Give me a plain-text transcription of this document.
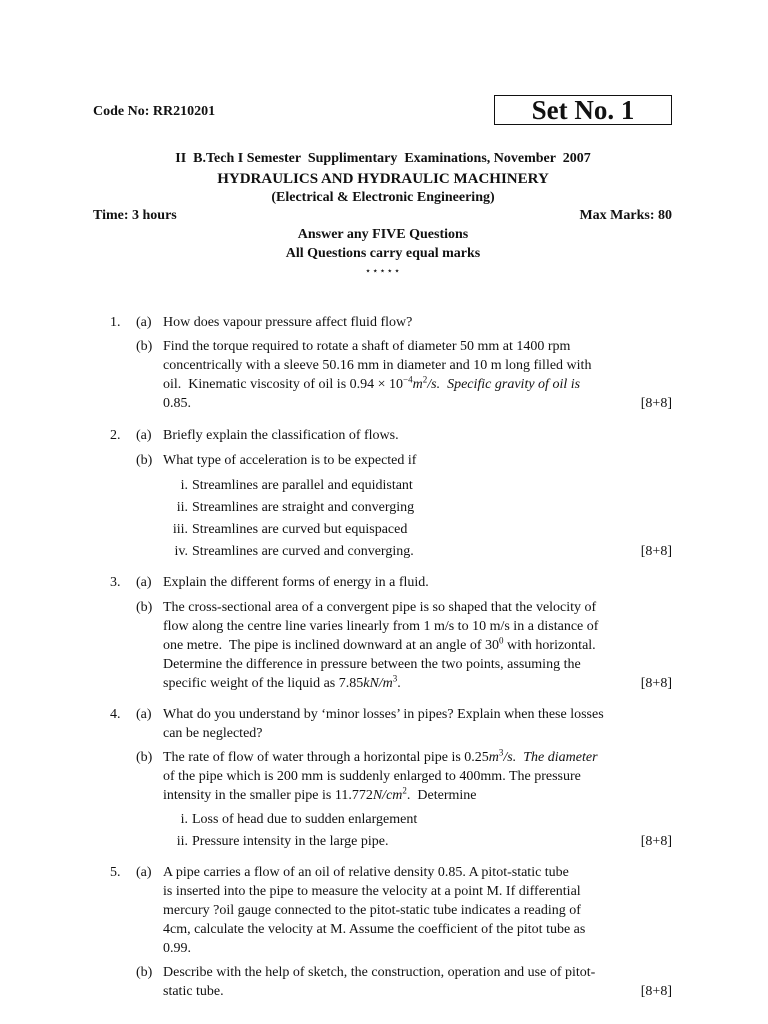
Code No: RR210201	Set No. 1
II  B.Tech I Semester  Supplimentary  Examinations, November  2007
HYDRAULICS AND HYDRAULIC MACHINERY
(Electrical & Electronic Engineering)
Time: 3 hours	Max Marks: 80
Answer any FIVE Questions
All Questions carry equal marks
⋆⋆⋆⋆⋆
1.	(a) How does vapour pressure affect fluid flow?
(b) Find the torque required to rotate a shaft of diameter 50 mm at 1400 rpm
concentrically with a sleeve 50.16 mm in diameter and 10 m long filled with
oil.  Kinematic viscosity of oil is $0.94 \times 10^{-4}m^2/s$.  Specific gravity of oil is
0.85.	[8+8]
2.	(a) Briefly explain the classification of flows.
(b) What type of acceleration is to be expected if
i. Streamlines are parallel and equidistant
ii. Streamlines are straight and converging
iii. Streamlines are curved but equispaced
iv. Streamlines are curved and converging.	[8+8]
3.	(a) Explain the different forms of energy in a fluid.
(b) The cross-sectional area of a convergent pipe is so shaped that the velocity of
flow along the centre line varies linearly from 1 m/s to 10 m/s in a distance of
one metre.  The pipe is inclined downward at an angle of $30^0$ with horizontal.
Determine the difference in pressure between the two points, assuming the
specific weight of the liquid as $7.85kN/m^3$.	[8+8]
4.	(a) What do you understand by ‘minor losses’ in pipes? Explain when these losses
can be neglected?
(b) The rate of flow of water through a horizontal pipe is $0.25m^3/s$.  The diameter
of the pipe which is 200 mm is suddenly enlarged to 400mm. The pressure
intensity in the smaller pipe is $11.772N/cm^2$.  Determine
i. Loss of head due to sudden enlargement
ii. Pressure intensity in the large pipe.	[8+8]
5.	(a) A pipe carries a flow of an oil of relative density 0.85. A pitot-static tube
is inserted into the pipe to measure the velocity at a point M. If differential
mercury ?oil gauge connected to the pitot-static tube indicates a reading of
4cm, calculate the velocity at M. Assume the coefficient of the pitot tube as
0.99.
(b) Describe with the help of sketch, the construction, operation and use of pitot-
static tube.	[8+8]
